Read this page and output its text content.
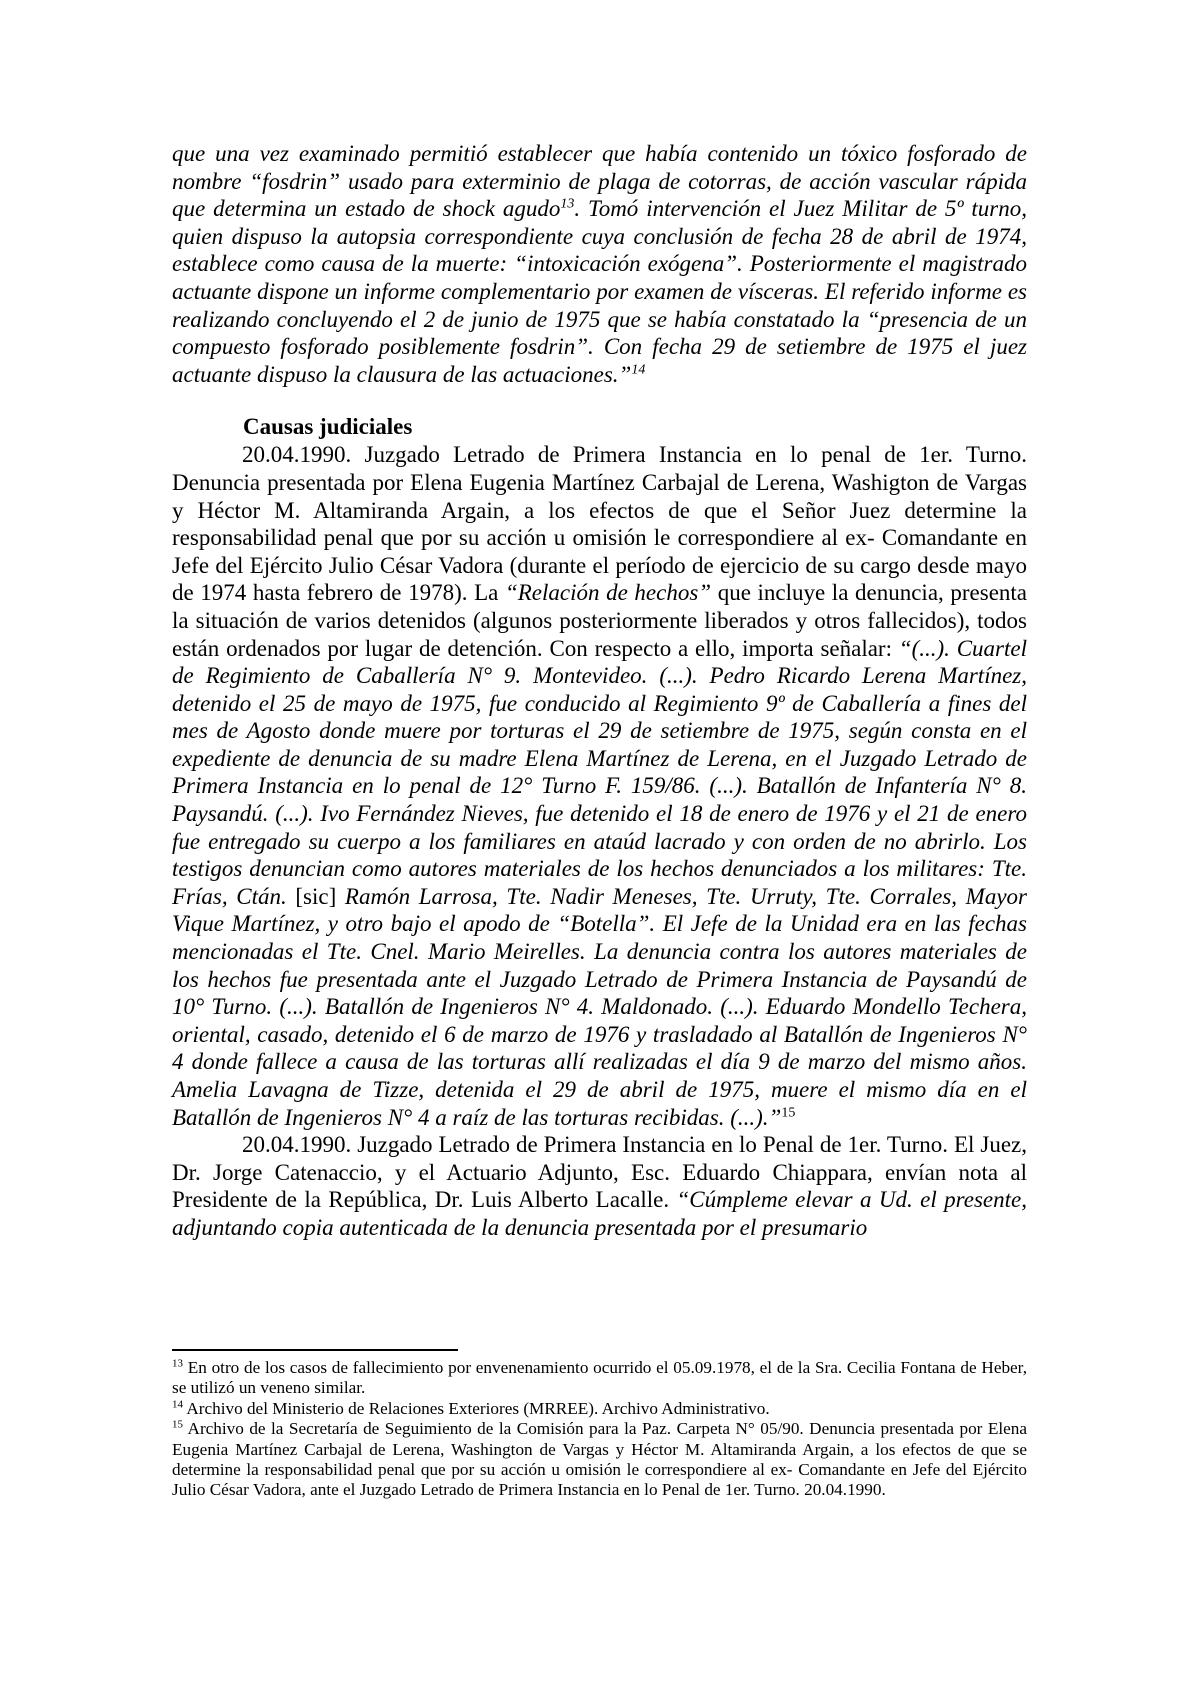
que una vez examinado permitió establecer que había contenido un tóxico fosforado de nombre “fosdrin” usado para exterminio de plaga de cotorras, de acción vascular rápida que determina un estado de shock agudo$^{13}$. Tomó intervención el Juez Militar de 5º turno, quien dispuso la autopsia correspondiente cuya conclusión de fecha 28 de abril de 1974, establece como causa de la muerte: “intoxicación exógena”. Posteriormente el magistrado actuante dispone un informe complementario por examen de vísceras. El referido informe es realizando concluyendo el 2 de junio de 1975 que se había constatado la “presencia de un compuesto fosforado posiblemente fosdrin”. Con fecha 29 de setiembre de 1975 el juez actuante dispuso la clausura de las actuaciones.”$^{14}$

Causas judiciales

20.04.1990. Juzgado Letrado de Primera Instancia en lo penal de 1er. Turno. Denuncia presentada por Elena Eugenia Martínez Carbajal de Lerena, Washigton de Vargas y Héctor M. Altamiranda Argain, a los efectos de que el Señor Juez determine la responsabilidad penal que por su acción u omisión le correspondiere al ex- Comandante en Jefe del Ejército Julio César Vadora (durante el período de ejercicio de su cargo desde mayo de 1974 hasta febrero de 1978). La “Relación de hechos” que incluye la denuncia, presenta la situación de varios detenidos (algunos posteriormente liberados y otros fallecidos), todos están ordenados por lugar de detención. Con respecto a ello, importa señalar: “(...). Cuartel de Regimiento de Caballería N° 9. Montevideo. (...). Pedro Ricardo Lerena Martínez, detenido el 25 de mayo de 1975, fue conducido al Regimiento 9º de Caballería a fines del mes de Agosto donde muere por torturas el 29 de setiembre de 1975, según consta en el expediente de denuncia de su madre Elena Martínez de Lerena, en el Juzgado Letrado de Primera Instancia en lo penal de 12° Turno F. 159/86. (...). Batallón de Infantería N° 8. Paysandú. (...). Ivo Fernández Nieves, fue detenido el 18 de enero de 1976 y el 21 de enero fue entregado su cuerpo a los familiares en ataúd lacrado y con orden de no abrirlo. Los testigos denuncian como autores materiales de los hechos denunciados a los militares: Tte. Frías, Ctán. [sic] Ramón Larrosa, Tte. Nadir Meneses, Tte. Urruty, Tte. Corrales, Mayor Vique Martínez, y otro bajo el apodo de “Botella”. El Jefe de la Unidad era en las fechas mencionadas el Tte. Cnel. Mario Meirelles. La denuncia contra los autores materiales de los hechos fue presentada ante el Juzgado Letrado de Primera Instancia de Paysandú de 10° Turno. (...). Batallón de Ingenieros N° 4. Maldonado. (...). Eduardo Mondello Techera, oriental, casado, detenido el 6 de marzo de 1976 y trasladado al Batallón de Ingenieros N° 4 donde fallece a causa de las torturas allí realizadas el día 9 de marzo del mismo años. Amelia Lavagna de Tizze, detenida el 29 de abril de 1975, muere el mismo día en el Batallón de Ingenieros N° 4 a raíz de las torturas recibidas. (...).”$^{15}$

20.04.1990. Juzgado Letrado de Primera Instancia en lo Penal de 1er. Turno. El Juez, Dr. Jorge Catenaccio, y el Actuario Adjunto, Esc. Eduardo Chiappara, envían nota al Presidente de la República, Dr. Luis Alberto Lacalle. “Cúmpleme elevar a Ud. el presente, adjuntando copia autenticada de la denuncia presentada por el presumario

$^{13}$ En otro de los casos de fallecimiento por envenenamiento ocurrido el 05.09.1978, el de la Sra. Cecilia Fontana de Heber, se utilizó un veneno similar.

$^{14}$ Archivo del Ministerio de Relaciones Exteriores (MRREE). Archivo Administrativo.

$^{15}$ Archivo de la Secretaría de Seguimiento de la Comisión para la Paz. Carpeta N° 05/90. Denuncia presentada por Elena Eugenia Martínez Carbajal de Lerena, Washington de Vargas y Héctor M. Altamiranda Argain, a los efectos de que se determine la responsabilidad penal que por su acción u omisión le correspondiere al ex- Comandante en Jefe del Ejército Julio César Vadora, ante el Juzgado Letrado de Primera Instancia en lo Penal de 1er. Turno. 20.04.1990.
